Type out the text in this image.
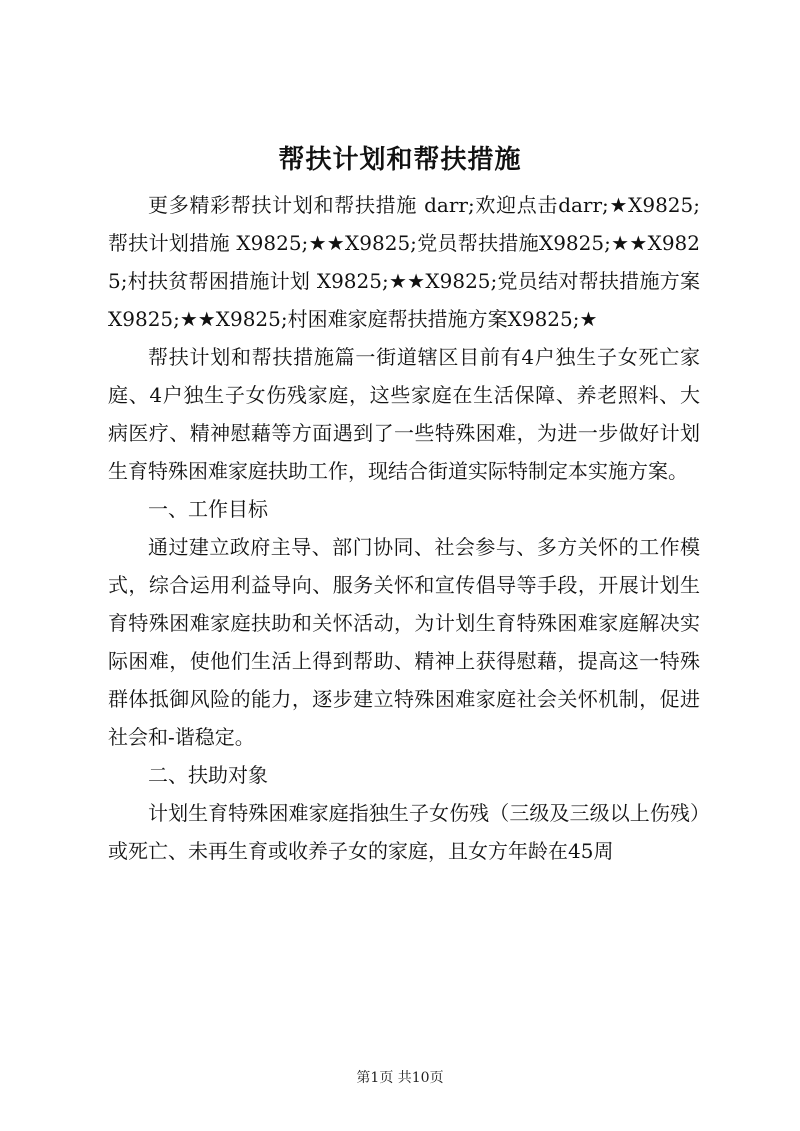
帮扶计划和帮扶措施

更多精彩帮扶计划和帮扶措施 darr;欢迎点击darr;★X9825;帮扶计划措施 X9825;★★X9825;党员帮扶措施X9825;★★X9825;村扶贫帮困措施计划 X9825;★★X9825;党员结对帮扶措施方案 X9825;★★X9825;村困难家庭帮扶措施方案X9825;★

帮扶计划和帮扶措施篇一街道辖区目前有4户独生子女死亡家庭、4户独生子女伤残家庭，这些家庭在生活保障、养老照料、大病医疗、精神慰藉等方面遇到了一些特殊困难，为进一步做好计划生育特殊困难家庭扶助工作，现结合街道实际特制定本实施方案。

一、工作目标

通过建立政府主导、部门协同、社会参与、多方关怀的工作模式，综合运用利益导向、服务关怀和宣传倡导等手段，开展计划生育特殊困难家庭扶助和关怀活动，为计划生育特殊困难家庭解决实际困难，使他们生活上得到帮助、精神上获得慰藉，提高这一特殊群体抵御风险的能力，逐步建立特殊困难家庭社会关怀机制，促进社会和-谐稳定。

二、扶助对象

计划生育特殊困难家庭指独生子女伤残（三级及三级以上伤残）或死亡、未再生育或收养子女的家庭，且女方年龄在45周

第1页 共10页
